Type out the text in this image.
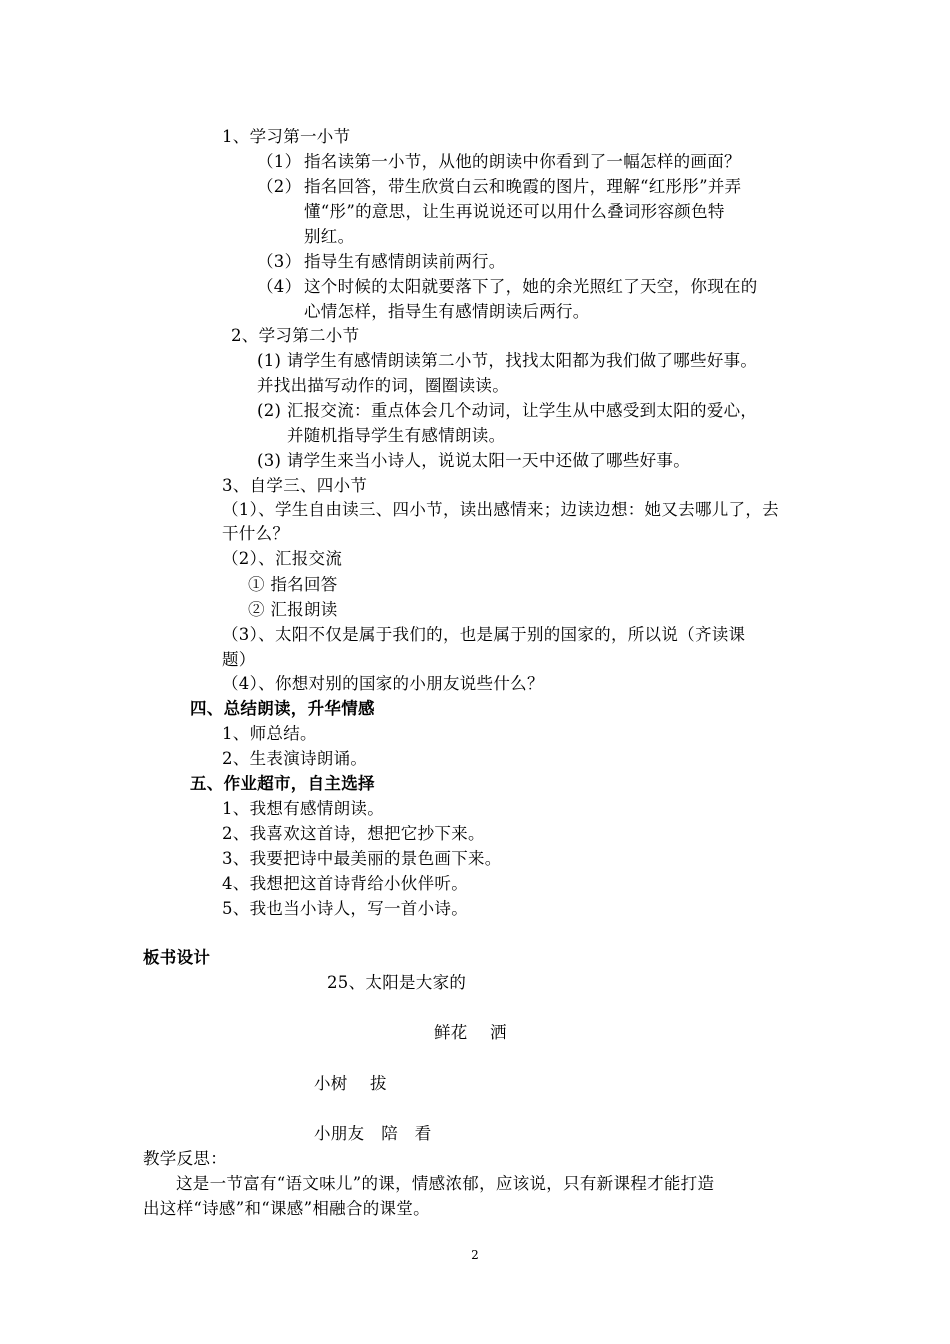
1、学习第一小节
（1） 指名读第一小节，从他的朗读中你看到了一幅怎样的画面？
（2） 指名回答，带生欣赏白云和晚霞的图片，理解“红彤彤”并弄
懂“彤”的意思，让生再说说还可以用什么叠词形容颜色特
别红。
（3） 指导生有感情朗读前两行。
（4） 这个时候的太阳就要落下了，她的余光照红了天空，你现在的
心情怎样，指导生有感情朗读后两行。
2、学习第二小节
(1) 请学生有感情朗读第二小节，找找太阳都为我们做了哪些好事。
并找出描写动作的词，圈圈读读。
(2) 汇报交流：重点体会几个动词，让学生从中感受到太阳的爱心，
并随机指导学生有感情朗读。
(3) 请学生来当小诗人，说说太阳一天中还做了哪些好事。
3、自学三、四小节
（1）、学生自由读三、四小节，读出感情来；边读边想：她又去哪儿了，去
干什么？
（2）、汇报交流
① 指名回答
② 汇报朗读
（3）、太阳不仅是属于我们的，也是属于别的国家的，所以说（齐读课
题）
（4）、你想对别的国家的小朋友说些什么？
四、总结朗读，升华情感
1、师总结。
2、生表演诗朗诵。
五、作业超市，自主选择
1、我想有感情朗读。
2、我喜欢这首诗，想把它抄下来。
3、我要把诗中最美丽的景色画下来。
4、我想把这首诗背给小伙伴听。
5、我也当小诗人，写一首小诗。
板书设计
25、太阳是大家的
鲜花　 洒
小树　 拔
小朋友　陪　看
教学反思：
这是一节富有“语文味儿”的课，情感浓郁，应该说，只有新课程才能打造
出这样“诗感”和“课感”相融合的课堂。
2
